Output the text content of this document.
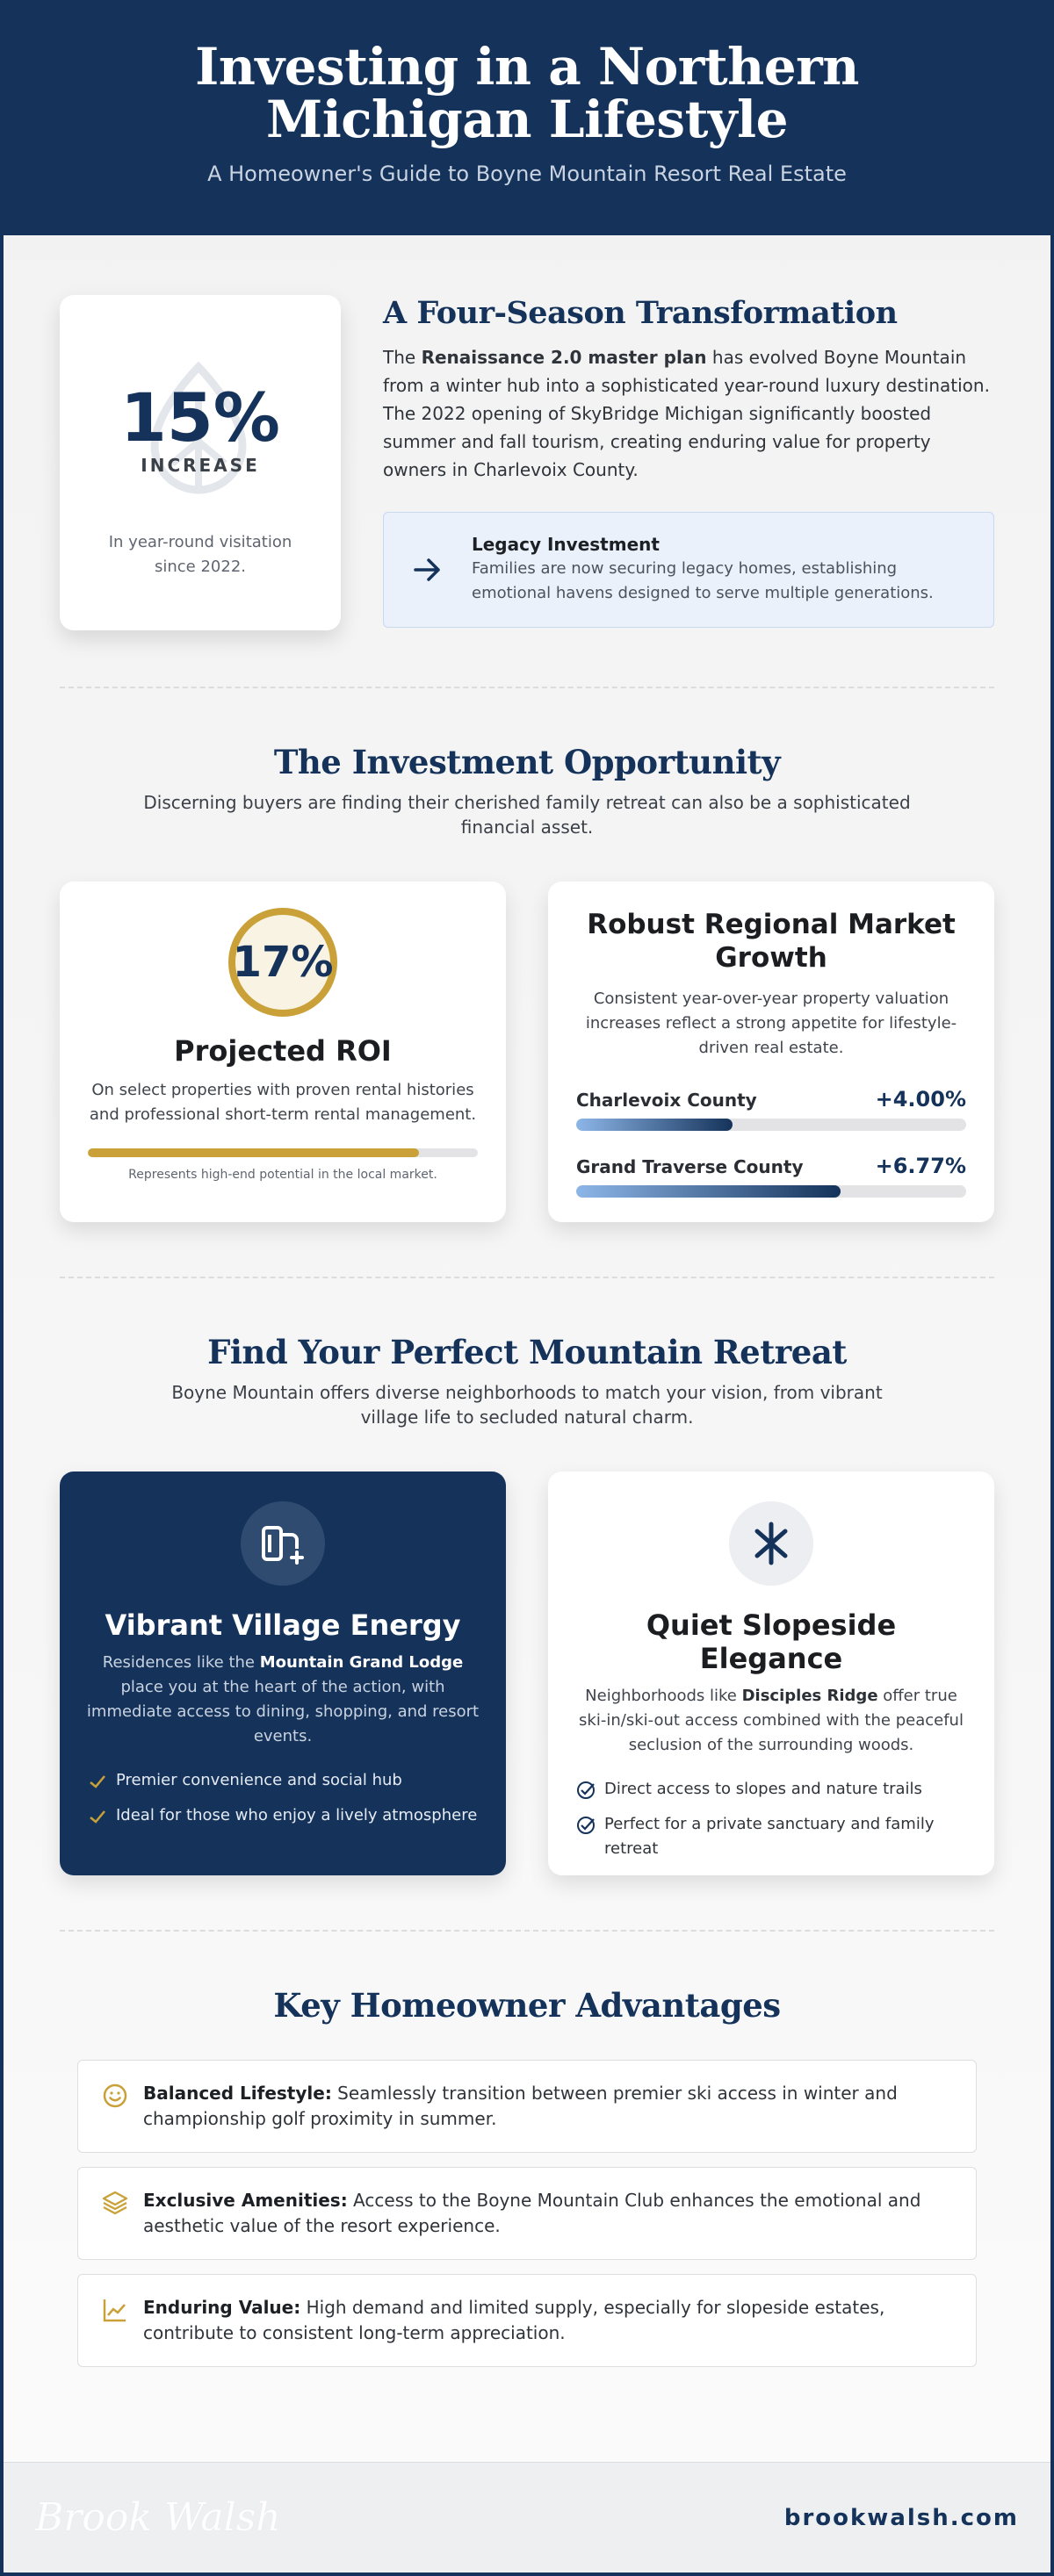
Investing in a Northern Michigan Lifestyle
A Homeowner's Guide to Boyne Mountain Resort Real Estate
15%
INCREASE
In year-round visitation since 2022.
A Four-Season Transformation

The Renaissance 2.0 master plan has evolved Boyne Mountain from a winter hub into a sophisticated year-round luxury destination. The 2022 opening of SkyBridge Michigan significantly boosted summer and fall tourism, creating enduring value for property owners in Charlevoix County.

Legacy Investment
Families are now securing legacy homes, establishing emotional havens designed to serve multiple generations.
The Investment Opportunity
Discerning buyers are finding their cherished family retreat can also be a sophisticated financial asset.
17%
Projected ROI

On select properties with proven rental histories and professional short-term rental management.

Represents high-end potential in the local market.
Robust Regional Market Growth

Consistent year-over-year property valuation increases reflect a strong appetite for lifestyle-driven real estate.

Charlevoix County	+4.00%
Grand Traverse County	+6.77%
Find Your Perfect Mountain Retreat
Boyne Mountain offers diverse neighborhoods to match your vision, from vibrant village life to secluded natural charm.
Vibrant Village Energy
Residences like the Mountain Grand Lodge place you at the heart of the action, with immediate access to dining, shopping, and resort events.
Premier convenience and social hub
Ideal for those who enjoy a lively atmosphere
Quiet Slopeside Elegance
Neighborhoods like Disciples Ridge offer true ski-in/ski-out access combined with the peaceful seclusion of the surrounding woods.
Direct access to slopes and nature trails
Perfect for a private sanctuary and family retreat
Key Homeowner Advantages
Balanced Lifestyle: Seamlessly transition between premier ski access in winter and championship golf proximity in summer.
Exclusive Amenities: Access to the Boyne Mountain Club enhances the emotional and aesthetic value of the resort experience.
Enduring Value: High demand and limited supply, especially for slopeside estates, contribute to consistent long-term appreciation.
Brook Walsh	brookwalsh.com
